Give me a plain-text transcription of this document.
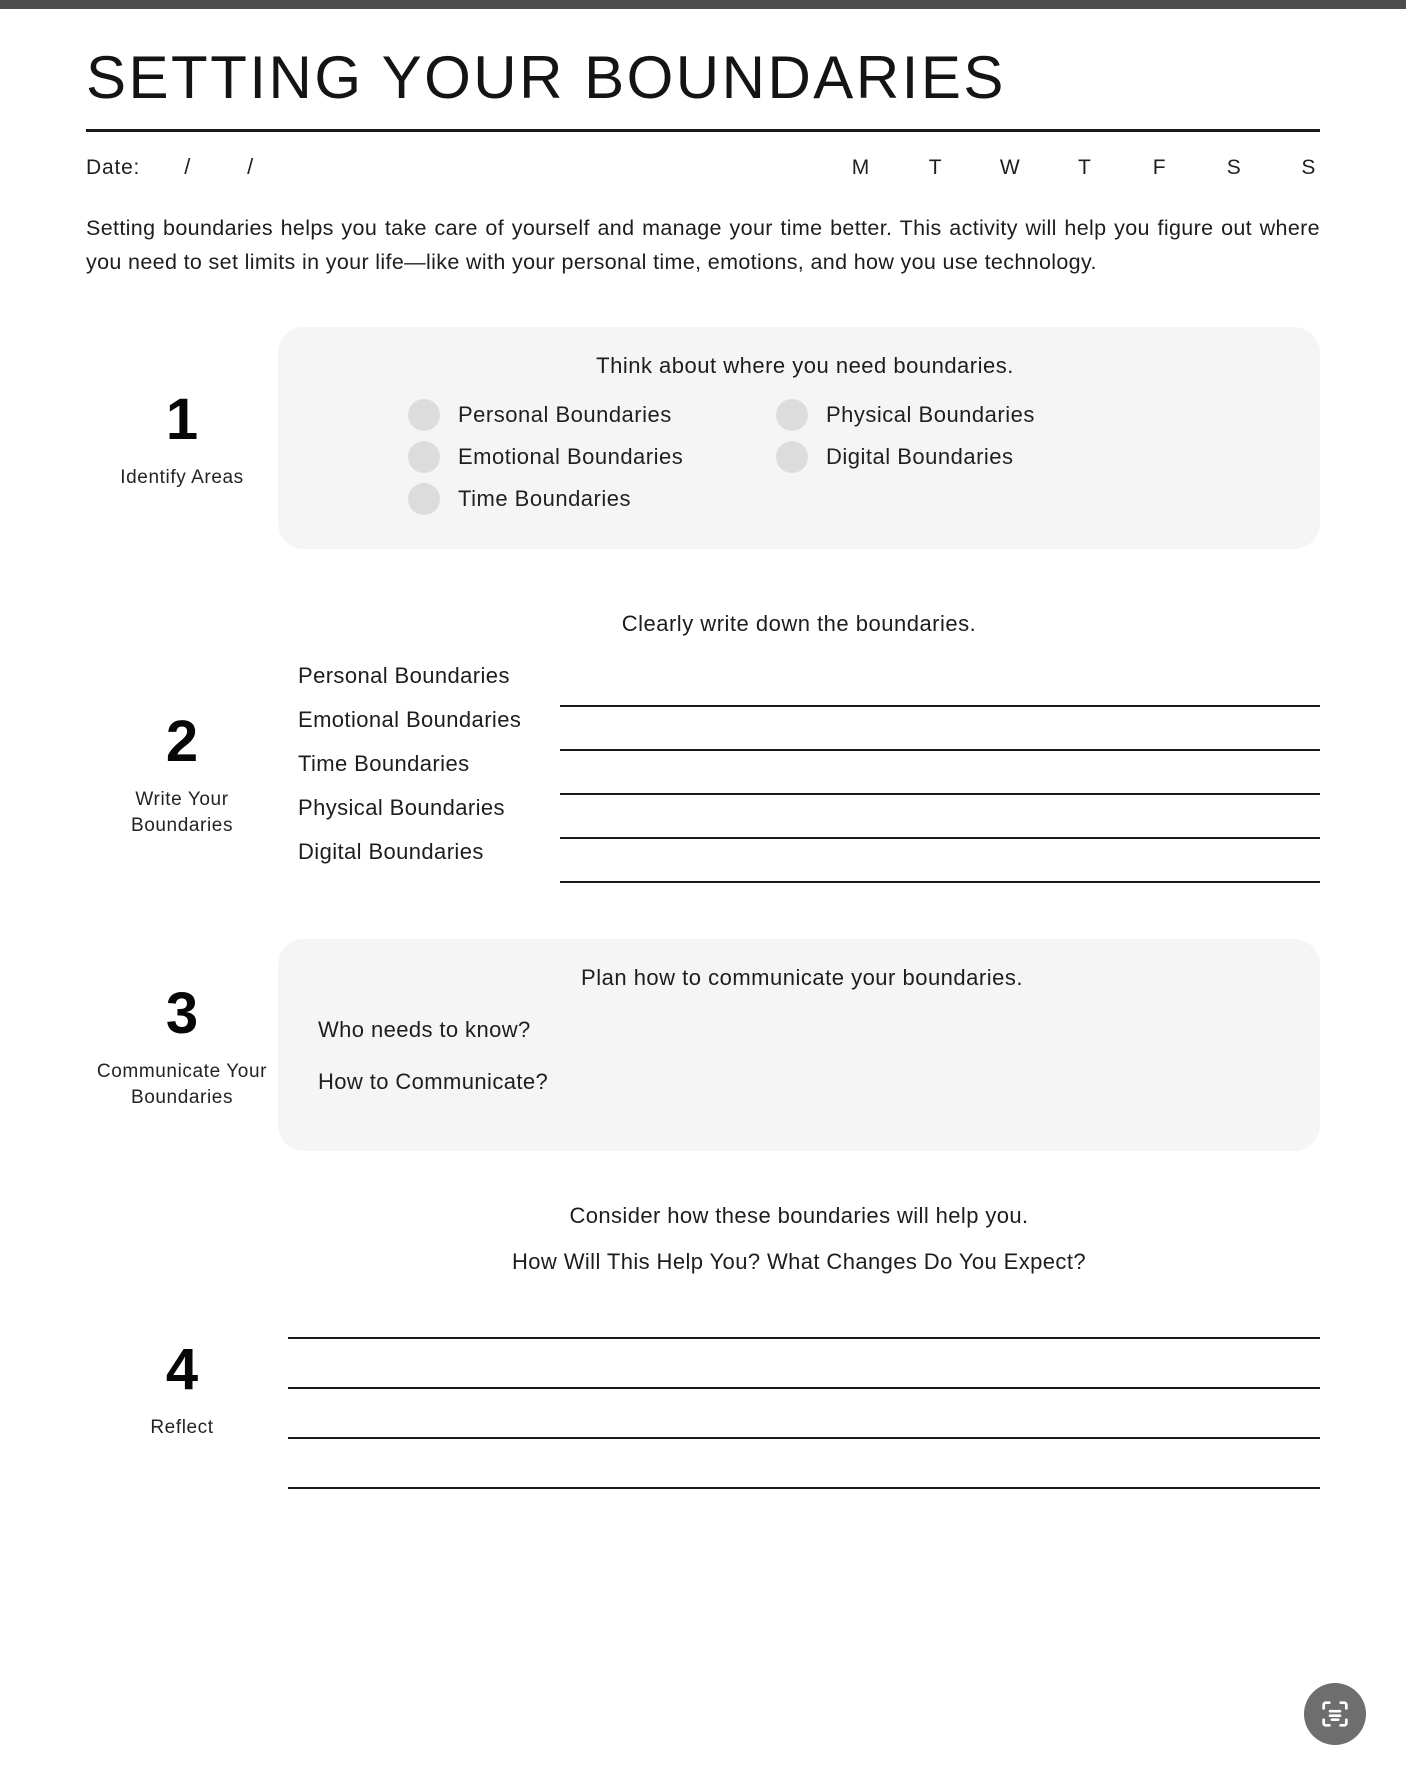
SETTING YOUR BOUNDARIES
Date: /	/	M	T	W	T	F	S	S

Setting boundaries helps you take care of yourself and manage your time better. This activity will help you figure out where you need to set limits in your life—like with your personal time, emotions, and how you use technology.

1
Identify Areas
Think about where you need boundaries.
Personal Boundaries	Physical Boundaries
Emotional Boundaries	Digital Boundaries
Time Boundaries
Clearly write down the boundaries.
2
Write Your Boundaries
Personal Boundaries
Emotional Boundaries
Time Boundaries
Physical Boundaries
Digital Boundaries
3
Communicate Your Boundaries
Plan how to communicate your boundaries.
Who needs to know?
How to Communicate?
Consider how these boundaries will help you.
How Will This Help You? What Changes Do You Expect?
4
Reflect
